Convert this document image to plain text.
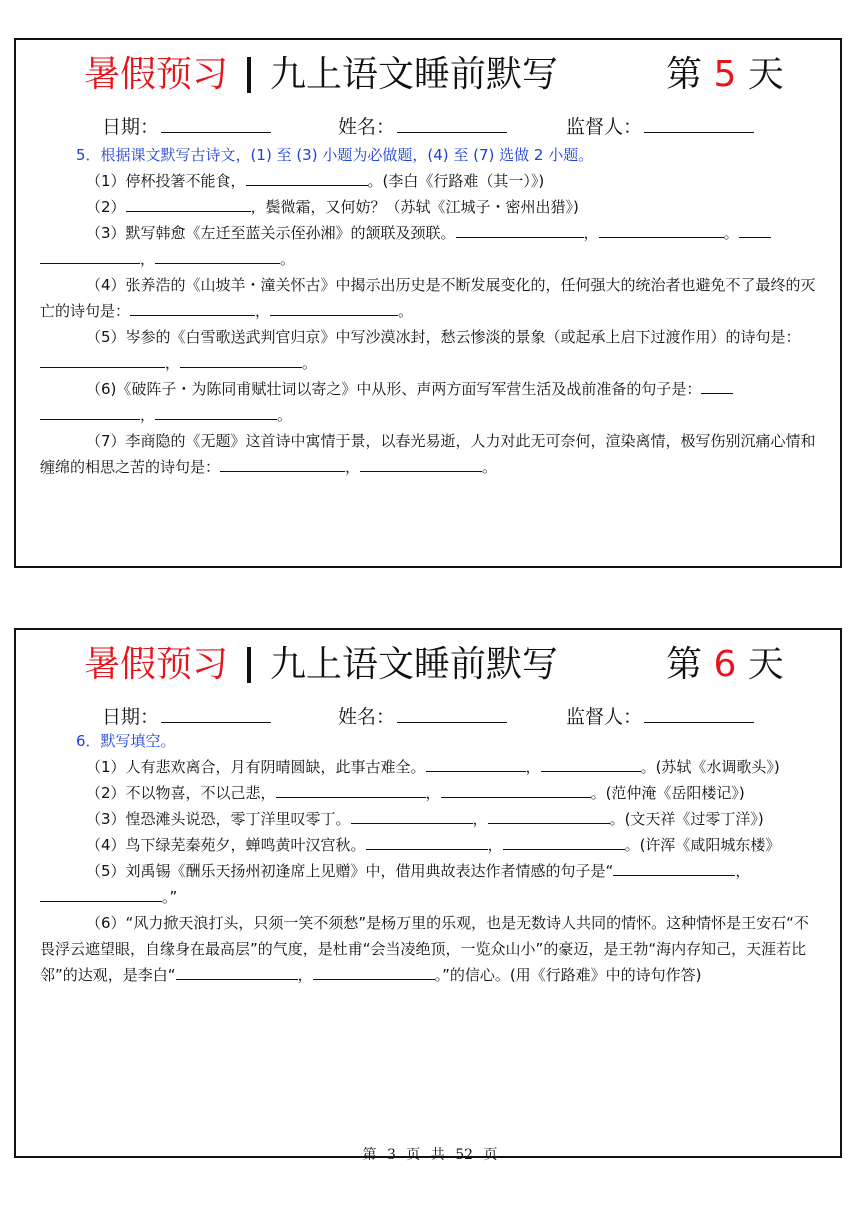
暑假预习 九上语文睡前默写	第 5 天
日期：	姓名：	监督人：

5．根据课文默写古诗文，(1) 至 (3) 小题为必做题，(4) 至 (7) 选做 2 小题。

（1）停杯投箸不能食，	。(李白《行路难（其一）》)

（2）	，鬓微霜，又何妨？（苏轼《江城子・密州出猎》)

（3）默写韩愈《左迁至蓝关示侄孙湘》的颔联及颈联。	，	。 ，	。

（4）张养浩的《山坡羊・潼关怀古》中揭示出历史是不断发展变化的，任何强大的统治者也避免不了最终的灭亡的诗句是：	，	。

（5）岑参的《白雪歌送武判官归京》中写沙漠冰封，愁云惨淡的景象（或起承上启下过渡作用）的诗句是：，	。

（6)《破阵子・为陈同甫赋壮词以寄之》中从形、声两方面写军营生活及战前准备的句子是： ，	。

（7）李商隐的《无题》这首诗中寓情于景，以春光易逝，人力对此无可奈何，渲染离情，极写伤别沉痛心情和缠绵的相思之苦的诗句是：	，	。

暑假预习 九上语文睡前默写	第 6 天
日期：	姓名：	监督人：

6．默写填空。

（1）人有悲欢离合，月有阴晴圆缺，此事古难全。	，	。(苏轼《水调歌头》)

（2）不以物喜，不以己悲，	，	。(范仲淹《岳阳楼记》)

（3）惶恐滩头说恐，零丁洋里叹零丁。	，	。(文天祥《过零丁洋》)

（4）鸟下绿芜秦苑夕，蝉鸣黄叶汉宫秋。	，	。(许浑《咸阳城东楼》

（5）刘禹锡《酬乐天扬州初逢席上见赠》中，借用典故表达作者情感的句子是“	，。”

（6）“风力掀天浪打头，只须一笑不须愁”是杨万里的乐观，也是无数诗人共同的情怀。这种情怀是王安石“不畏浮云遮望眼，自缘身在最高层”的气度，是杜甫“会当凌绝顶，一览众山小”的豪迈，是王勃“海内存知己，天涯若比邻”的达观，是李白“	，	。”的信心。(用《行路难》中的诗句作答)

第 3 页 共 52 页
